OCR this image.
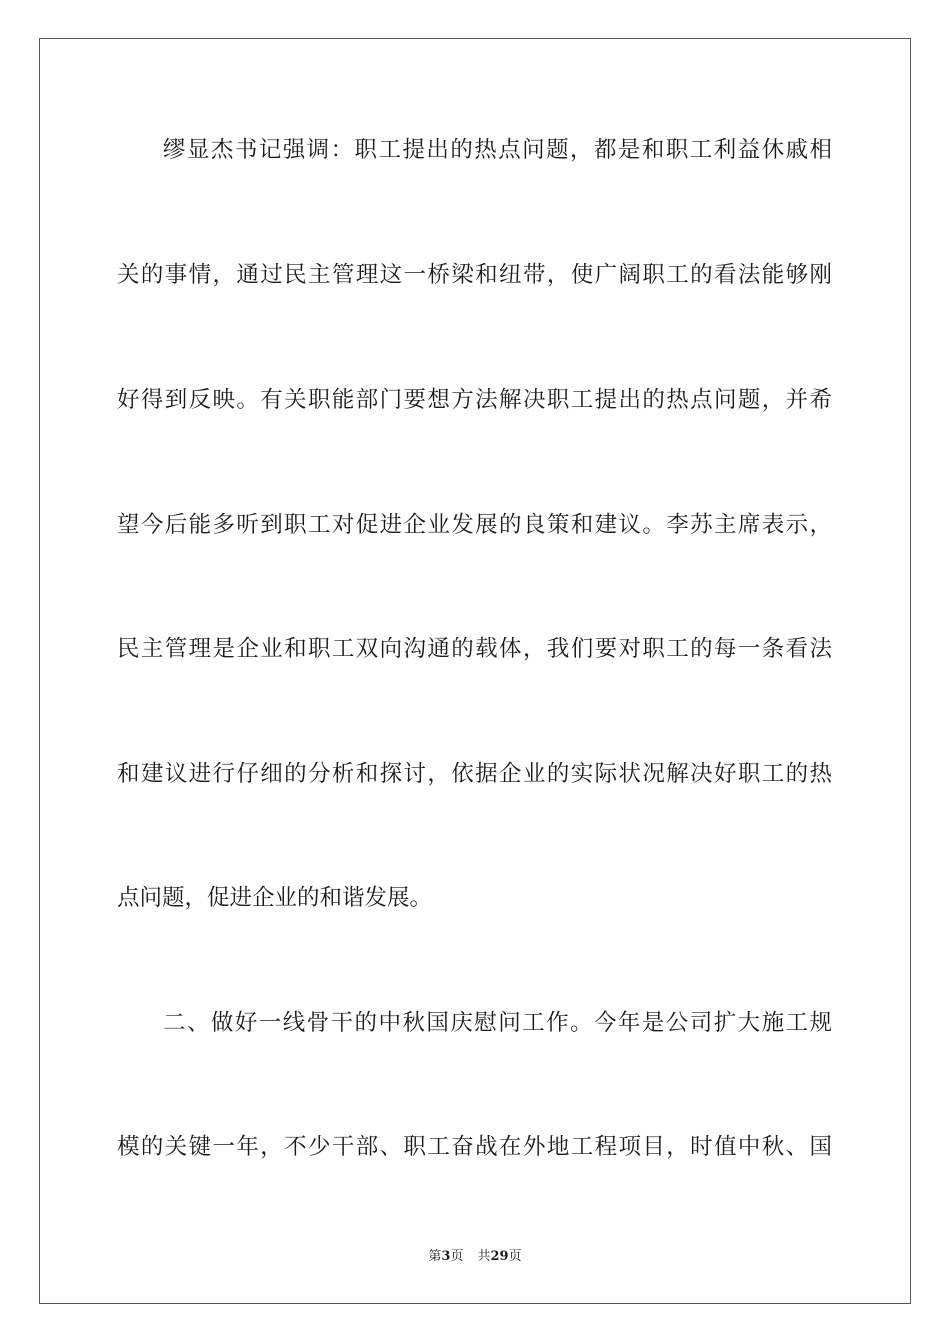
缪显杰书记强调：职工提出的热点问题，都是和职工利益休戚相
关的事情，通过民主管理这一桥梁和纽带，使广阔职工的看法能够刚
好得到反映。有关职能部门要想方法解决职工提出的热点问题，并希
望今后能多听到职工对促进企业发展的良策和建议。李苏主席表示，
民主管理是企业和职工双向沟通的载体，我们要对职工的每一条看法
和建议进行仔细的分析和探讨，依据企业的实际状况解决好职工的热
点问题，促进企业的和谐发展。
二、做好一线骨干的中秋国庆慰问工作。今年是公司扩大施工规
模的关键一年，不少干部、职工奋战在外地工程项目，时值中秋、国
第3页 共29页
